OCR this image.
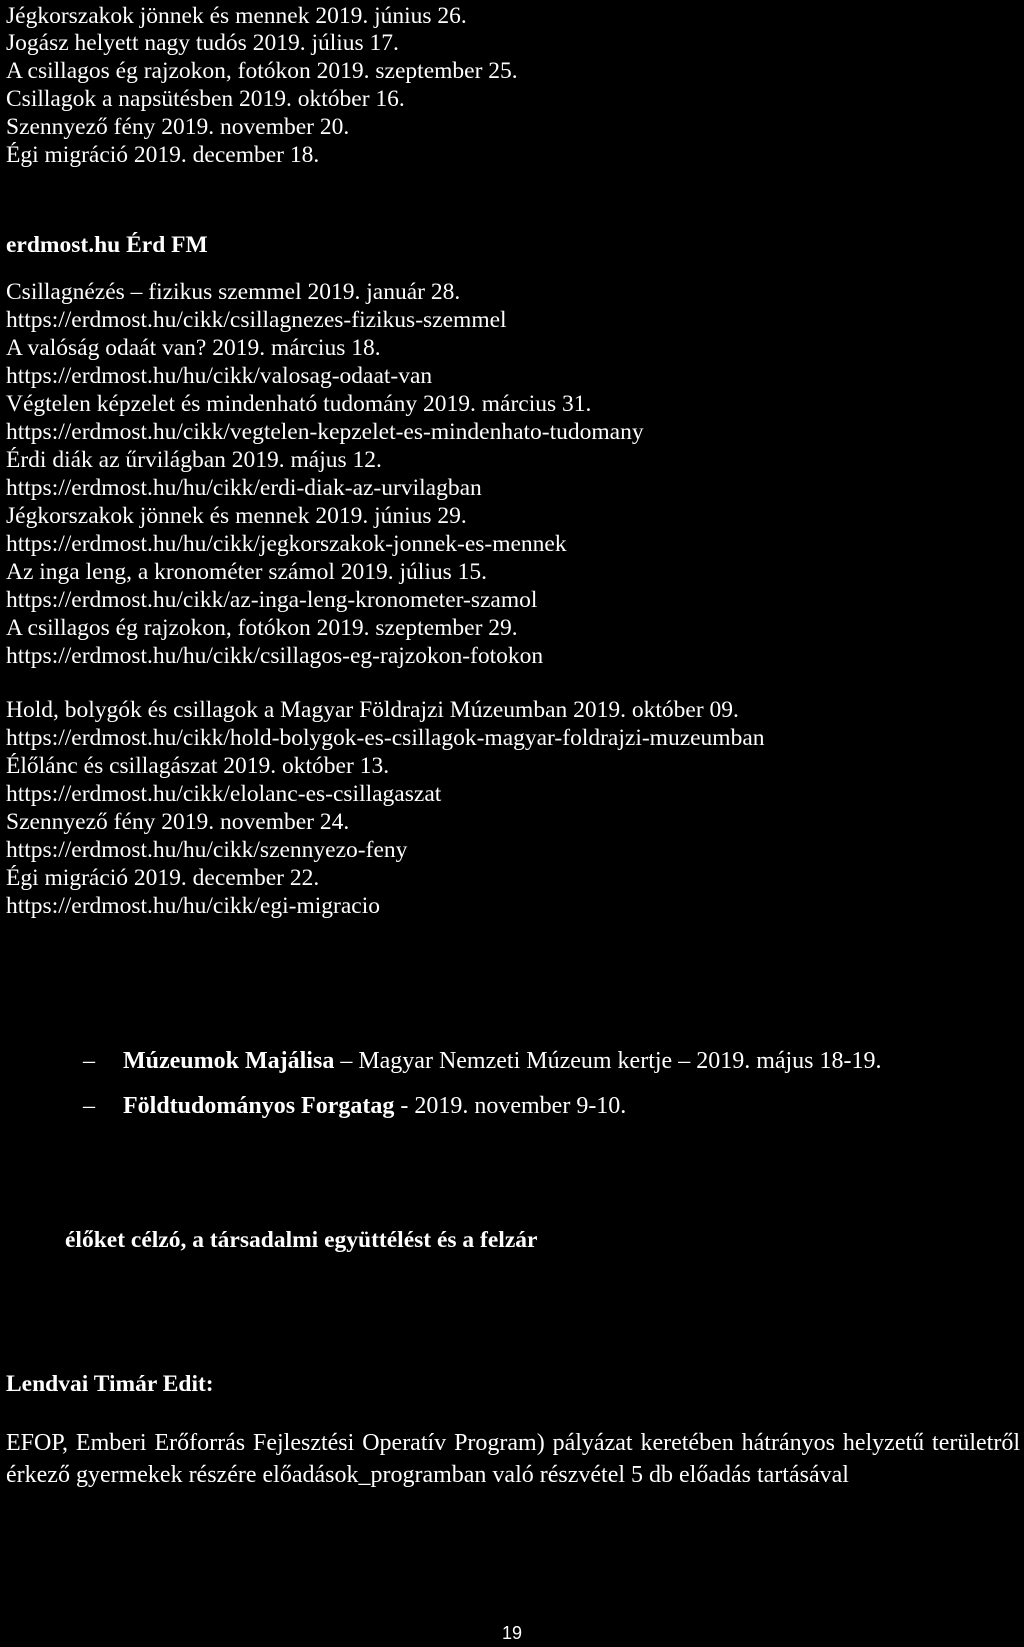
Jégkorszakok jönnek és mennek 2019. június 26.
Jogász helyett nagy tudós 2019. július 17.
A csillagos ég rajzokon, fotókon 2019. szeptember 25.
Csillagok a napsütésben 2019. október 16.
Szennyező fény 2019. november 20.
Égi migráció 2019. december 18.
erdmost.hu Érd FM
Csillagnézés – fizikus szemmel 2019. január 28.
https://erdmost.hu/cikk/csillagnezes-fizikus-szemmel
A valóság odaát van? 2019. március 18.
https://erdmost.hu/hu/cikk/valosag-odaat-van
Végtelen képzelet és mindenható tudomány 2019. március 31.
https://erdmost.hu/cikk/vegtelen-kepzelet-es-mindenhato-tudomany
Érdi diák az űrvilágban 2019. május 12.
https://erdmost.hu/hu/cikk/erdi-diak-az-urvilagban
Jégkorszakok jönnek és mennek 2019. június 29.
https://erdmost.hu/hu/cikk/jegkorszakok-jonnek-es-mennek
Az inga leng, a kronométer számol 2019. július 15.
https://erdmost.hu/cikk/az-inga-leng-kronometer-szamol
A csillagos ég rajzokon, fotókon 2019. szeptember 29.
https://erdmost.hu/hu/cikk/csillagos-eg-rajzokon-fotokon
Hold, bolygók és csillagok a Magyar Földrajzi Múzeumban 2019. október 09.
https://erdmost.hu/cikk/hold-bolygok-es-csillagok-magyar-foldrajzi-muzeumban
Élőlánc és csillagászat 2019. október 13.
https://erdmost.hu/cikk/elolanc-es-csillagaszat
Szennyező fény 2019. november 24.
https://erdmost.hu/hu/cikk/szennyezo-feny
Égi migráció 2019. december 22.
https://erdmost.hu/hu/cikk/egi-migracio
– Múzeumok Majálisa – Magyar Nemzeti Múzeum kertje – 2019. május 18-19.
– Földtudományos Forgatag - 2019. november 9-10.
élőket célzó, a társadalmi együttélést és a felzár
Lendvai Timár Edit:
EFOP, Emberi Erőforrás Fejlesztési Operatív Program) pályázat keretében hátrányos helyzetű területről érkező gyermekek részére előadások_programban való részvétel 5 db előadás tartásával
19
